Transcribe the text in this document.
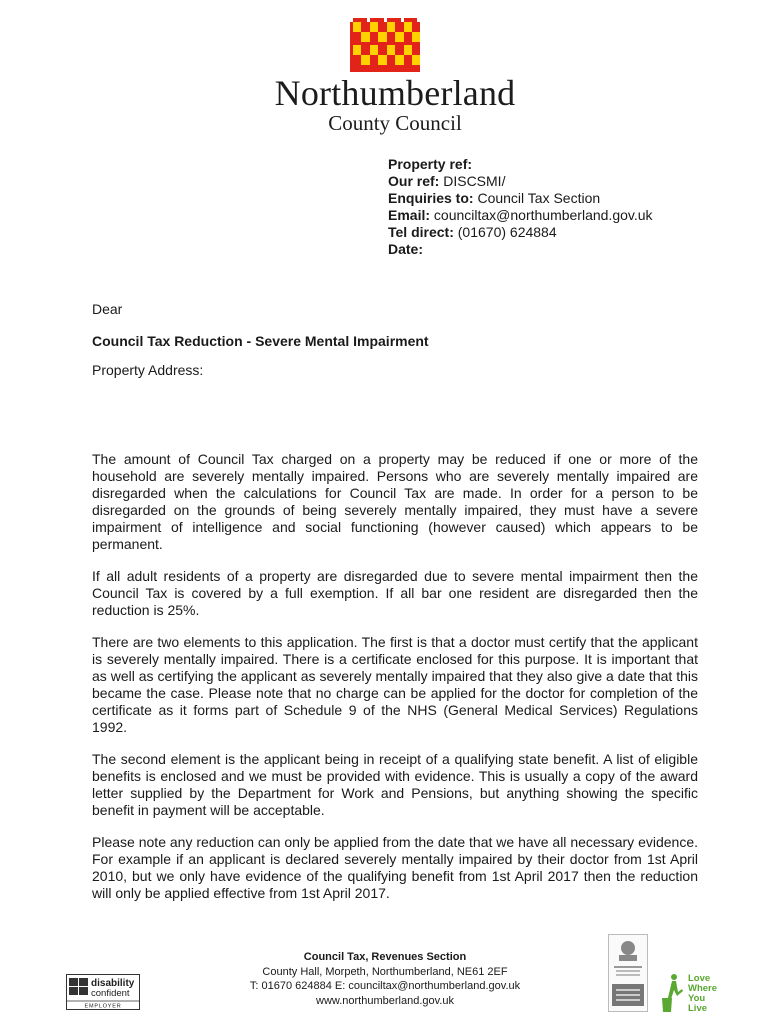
Northumberland
County Council
Property ref:
Our ref: DISCSMI/
Enquiries to: Council Tax Section
Email: counciltax@northumberland.gov.uk
Tel direct: (01670) 624884
Date:

Dear

Council Tax Reduction - Severe Mental Impairment

Property Address:

The amount of Council Tax charged on a property may be reduced if one or more of the household are severely mentally impaired. Persons who are severely mentally impaired are disregarded when the calculations for Council Tax are made. In order for a person to be disregarded on the grounds of being severely mentally impaired, they must have a severe impairment of intelligence and social functioning (however caused) which appears to be permanent.

If all adult residents of a property are disregarded due to severe mental impairment then the Council Tax is covered by a full exemption. If all bar one resident are disregarded then the reduction is 25%.

There are two elements to this application. The first is that a doctor must certify that the applicant is severely mentally impaired. There is a certificate enclosed for this purpose. It is important that as well as certifying the applicant as severely mentally impaired that they also give a date that this became the case. Please note that no charge can be applied for the doctor for completion of the certificate as it forms part of Schedule 9 of the NHS (General Medical Services) Regulations 1992.

The second element is the applicant being in receipt of a qualifying state benefit. A list of eligible benefits is enclosed and we must be provided with evidence. This is usually a copy of the award letter supplied by the Department for Work and Pensions, but anything showing the specific benefit in payment will be acceptable.

Please note any reduction can only be applied from the date that we have all necessary evidence. For example if an applicant is declared severely mentally impaired by their doctor from 1st April 2010, but we only have evidence of the qualifying benefit from 1st April 2017 then the reduction will only be applied effective from 1st April 2017.

Council Tax, Revenues Section
County Hall, Morpeth, Northumberland, NE61 2EF
T: 01670 624884 E: counciltax@northumberland.gov.uk
www.northumberland.gov.uk
disability
confident
EMPLOYER
Love
Where
You
Live
